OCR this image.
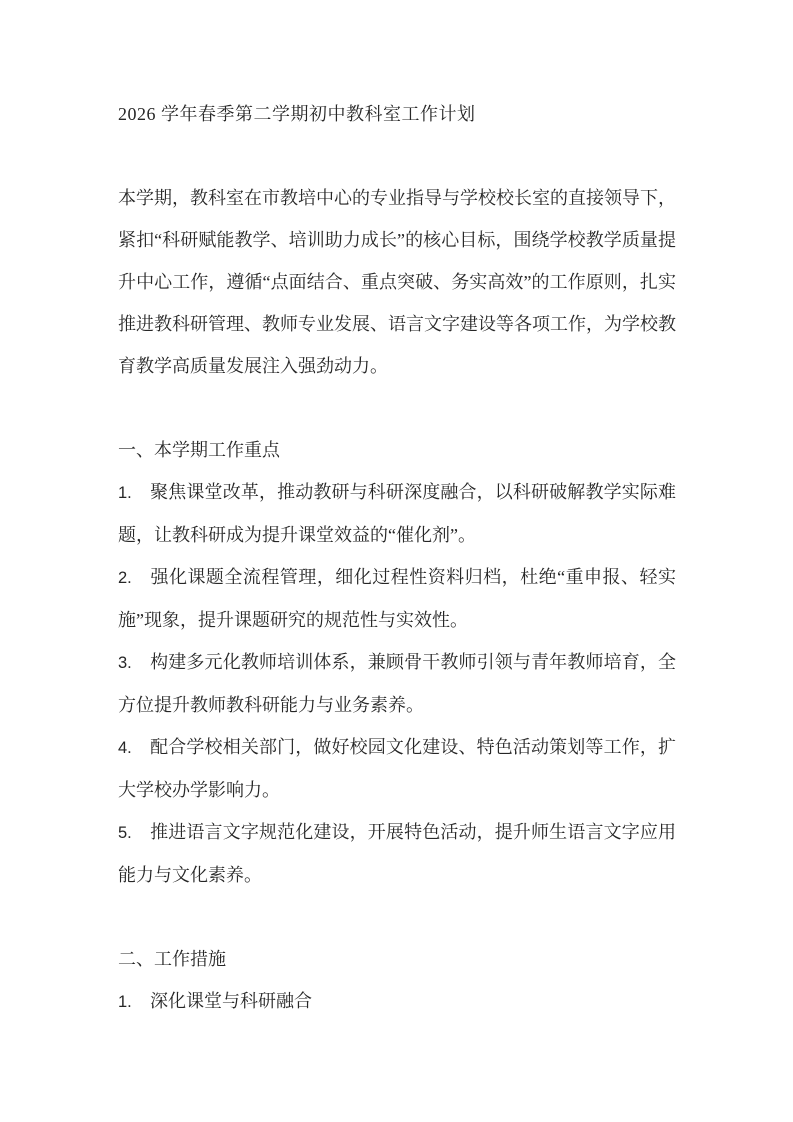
2026 学年春季第二学期初中教科室工作计划

本学期，教科室在市教培中心的专业指导与学校校长室的直接领导下，紧扣“科研赋能教学、培训助力成长”的核心目标，围绕学校教学质量提升中心工作，遵循“点面结合、重点突破、务实高效”的工作原则，扎实推进教科研管理、教师专业发展、语言文字建设等各项工作，为学校教育教学高质量发展注入强劲动力。

一、本学期工作重点

1. 聚焦课堂改革，推动教研与科研深度融合，以科研破解教学实际难题，让教科研成为提升课堂效益的“催化剂”。

2. 强化课题全流程管理，细化过程性资料归档，杜绝“重申报、轻实施”现象，提升课题研究的规范性与实效性。

3. 构建多元化教师培训体系，兼顾骨干教师引领与青年教师培育，全方位提升教师教科研能力与业务素养。

4. 配合学校相关部门，做好校园文化建设、特色活动策划等工作，扩大学校办学影响力。

5. 推进语言文字规范化建设，开展特色活动，提升师生语言文字应用能力与文化素养。

二、工作措施

1. 深化课堂与科研融合
